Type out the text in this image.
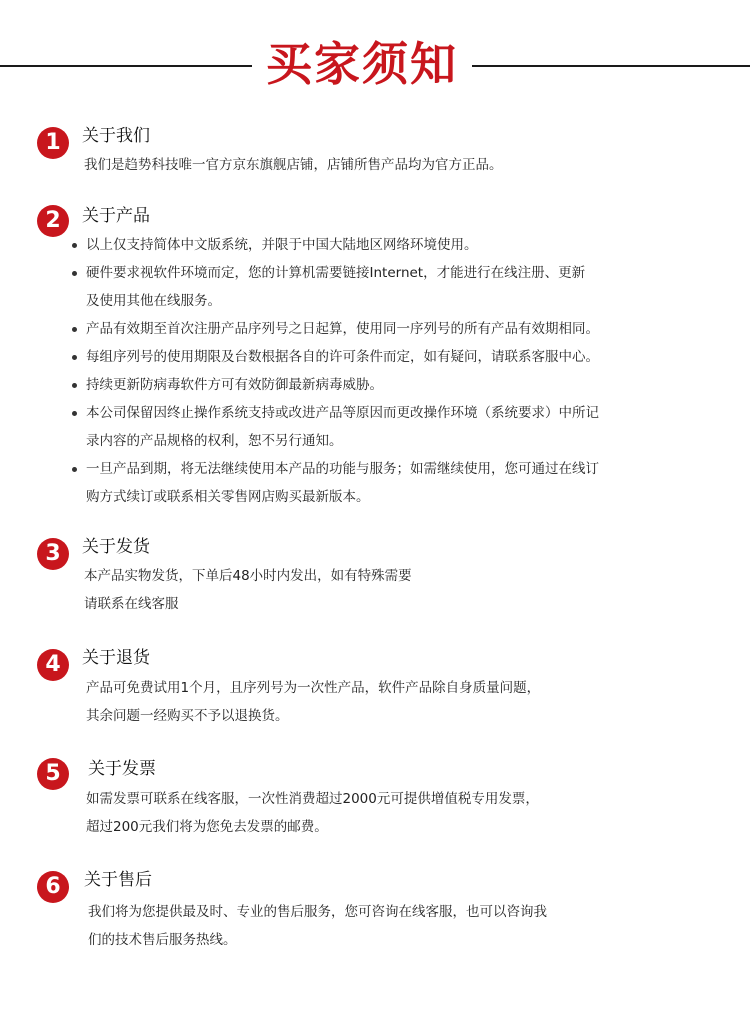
买家须知
1	关于我们
我们是趋势科技唯一官方京东旗舰店铺，店铺所售产品均为官方正品。
2	关于产品
以上仅支持简体中文版系统，并限于中国大陆地区网络环境使用。
硬件要求视软件环境而定，您的计算机需要链接Internet，才能进行在线注册、更新
及使用其他在线服务。
产品有效期至首次注册产品序列号之日起算，使用同一序列号的所有产品有效期相同。
每组序列号的使用期限及台数根据各自的许可条件而定，如有疑问，请联系客服中心。
持续更新防病毒软件方可有效防御最新病毒威胁。
本公司保留因终止操作系统支持或改进产品等原因而更改操作环境（系统要求）中所记
录内容的产品规格的权利，恕不另行通知。
一旦产品到期，将无法继续使用本产品的功能与服务；如需继续使用，您可通过在线订
购方式续订或联系相关零售网店购买最新版本。
3	关于发货
本产品实物发货，下单后48小时内发出，如有特殊需要
请联系在线客服
4	关于退货
产品可免费试用1个月，且序列号为一次性产品，软件产品除自身质量问题，
其余问题一经购买不予以退换货。
5	关于发票
如需发票可联系在线客服，一次性消费超过2000元可提供增值税专用发票，
超过200元我们将为您免去发票的邮费。
6	关于售后
我们将为您提供最及时、专业的售后服务，您可咨询在线客服，也可以咨询我
们的技术售后服务热线。
